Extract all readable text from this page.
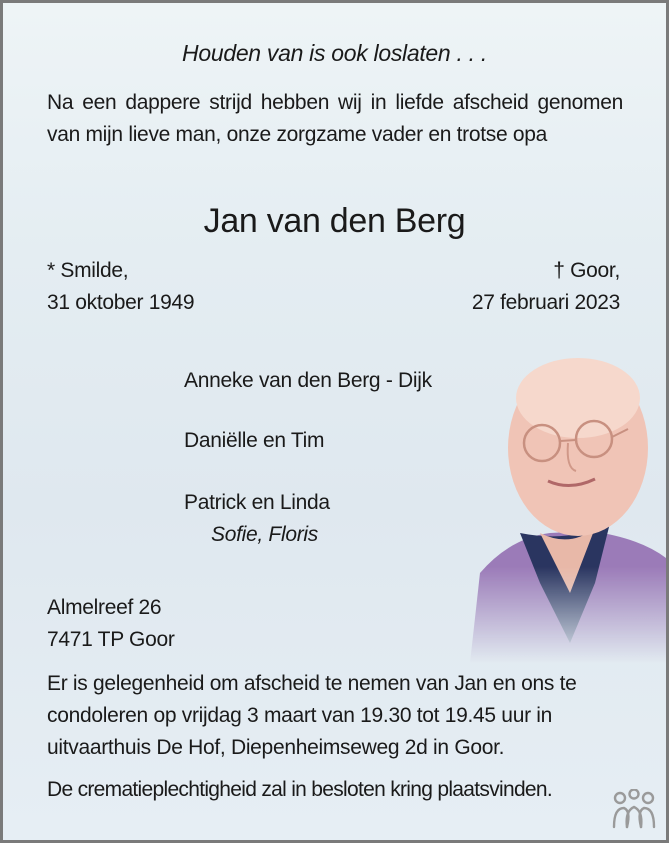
Houden van is ook loslaten . . .
Na een dappere strijd hebben wij in liefde afscheid genomen van mijn lieve man, onze zorgzame vader en trotse opa
Jan van den Berg
* Smilde,
31 oktober 1949
† Goor,
27 februari 2023
Anneke van den Berg - Dijk
Daniëlle en Tim
Patrick en Linda
Sofie, Floris
Almelreef 26
7471 TP Goor
Er is gelegenheid om afscheid te nemen van Jan en ons te condoleren op vrijdag 3 maart van 19.30 tot 19.45 uur in uitvaarthuis De Hof, Diepenheimseweg 2d in Goor.
De crematieplechtigheid zal in besloten kring plaatsvinden.
